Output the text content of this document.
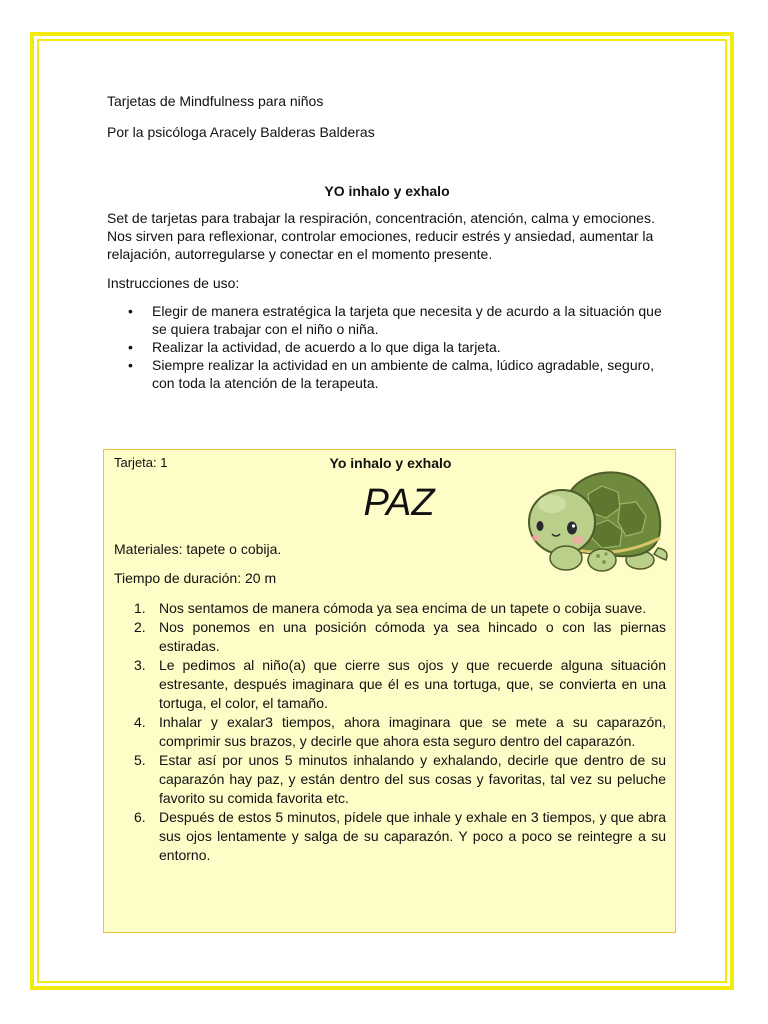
Tarjetas de Mindfulness para niños

Por la psicóloga Aracely Balderas Balderas

YO inhalo y exhalo

Set de tarjetas para trabajar la respiración, concentración, atención, calma y emociones. Nos sirven para reflexionar, controlar emociones, reducir estrés y ansiedad, aumentar la relajación, autorregularse y conectar en el momento presente.

Instrucciones de uso:

• Elegir de manera estratégica la tarjeta que necesita y de acurdo a la situación que se quiera trabajar con el niño o niña.
• Realizar la actividad, de acuerdo a lo que diga la tarjeta.
• Siempre realizar la actividad en un ambiente de calma, lúdico agradable, seguro, con toda la atención de la terapeuta.
Tarjeta: 1	Yo inhalo y exhalo
PAZ
Materiales: tapete o cobija.
Tiempo de duración: 20 m
1. Nos sentamos de manera cómoda ya sea encima de un tapete o cobija suave.
2. Nos ponemos en una posición cómoda ya sea hincado o con las piernas estiradas.
3. Le pedimos al niño(a) que cierre sus ojos y que recuerde alguna situación estresante, después imaginara que él es una tortuga, que, se convierta en una tortuga, el color, el tamaño.
4. Inhalar y exalar3 tiempos, ahora imaginara que se mete a su caparazón, comprimir sus brazos, y decirle que ahora esta seguro dentro del caparazón.
5. Estar así por unos 5 minutos inhalando y exhalando, decirle que dentro de su caparazón hay paz, y están dentro del sus cosas y favoritas, tal vez su peluche favorito su comida favorita etc.
6. Después de estos 5 minutos, pídele que inhale y exhale en 3 tiempos, y que abra sus ojos lentamente y salga de su caparazón. Y poco a poco se reintegre a su entorno.
